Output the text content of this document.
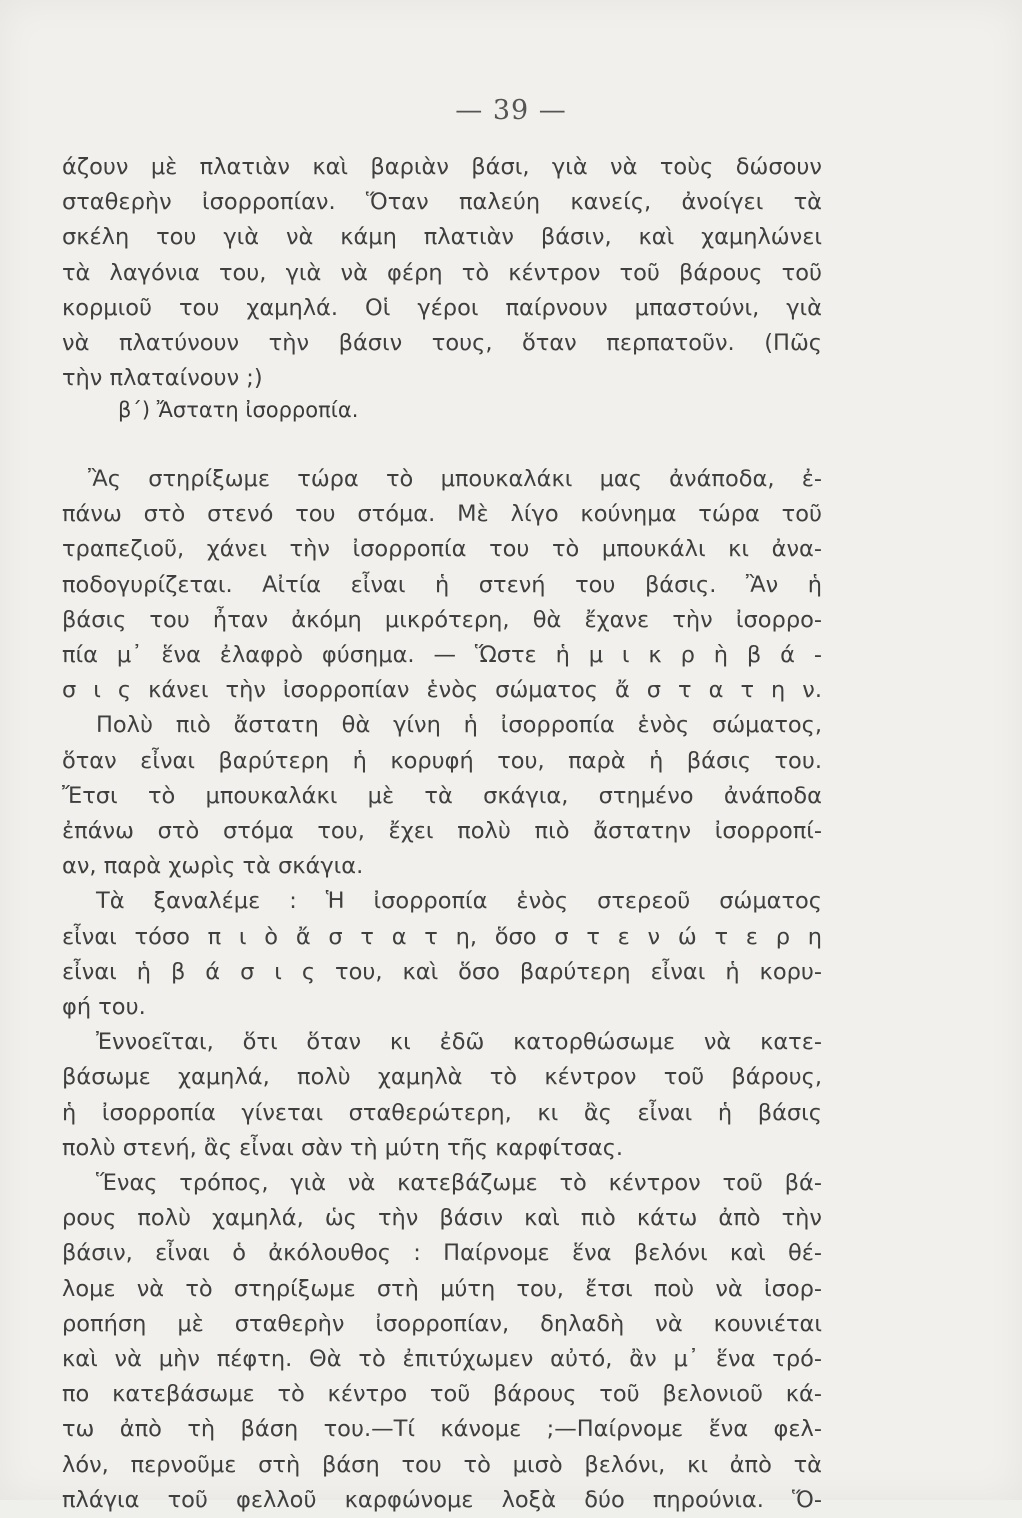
— 39 —
άζουν μὲ πλατιὰν καὶ βαριὰν βάσι, γιὰ νὰ τοὺς δώσουν
σταθερὴν ἰσορροπίαν. Ὅταν παλεύη κανείς, ἀνοίγει τὰ
σκέλη του γιὰ νὰ κάμη πλατιὰν βάσιν, καὶ χαμηλώνει
τὰ λαγόνια του, γιὰ νὰ φέρη τὸ κέντρον τοῦ βάρους τοῦ
κορμιοῦ του χαμηλά. Οἱ γέροι παίρνουν μπαστούνι, γιὰ
νὰ πλατύνουν τὴν βάσιν τους, ὅταν περπατοῦν. (Πῶς
τὴν πλαταίνουν ;)
β΄) Ἄστατη ἰσορροπία.
Ἂς στηρίξωμε τώρα τὸ μπουκαλάκι μας ἀνάποδα, ἐ-
πάνω στὸ στενό του στόμα. Μὲ λίγο κούνημα τώρα τοῦ
τραπεζιοῦ, χάνει τὴν ἰσορροπία του τὸ μπουκάλι κι ἀνα-
ποδογυρίζεται. Αἰτία εἶναι ἡ στενή του βάσις. Ἂν ἡ
βάσις του ἦταν ἀκόμη μικρότερη, θὰ ἔχανε τὴν ἰσορρο-
πία μ᾿ ἕνα ἐλαφρὸ φύσημα. — Ὥστε ἡ μ ι κ ρ ὴ β ά -
σ ι ς κάνει τὴν ἰσορροπίαν ἑνὸς σώματος ἄ σ τ α τ η ν.
Πολὺ πιὸ ἄστατη θὰ γίνη ἡ ἰσορροπία ἑνὸς σώματος,
ὅταν εἶναι βαρύτερη ἡ κορυφή του, παρὰ ἡ βάσις του.
Ἔτσι τὸ μπουκαλάκι μὲ τὰ σκάγια, στημένο ἀνάποδα
ἐπάνω στὸ στόμα του, ἔχει πολὺ πιὸ ἄστατην ἰσορροπί-
αν, παρὰ χωρὶς τὰ σκάγια.
Τὰ ξαναλέμε : Ἡ ἰσορροπία ἑνὸς στερεοῦ σώματος
εἶναι τόσο π ι ὸ ἄ σ τ α τ η, ὅσο σ τ ε ν ώ τ ε ρ η
εἶναι ἡ β ά σ ι ς του, καὶ ὅσο βαρύτερη εἶναι ἡ κορυ-
φή του.
Ἐννοεῖται, ὅτι ὅταν κι ἐδῶ κατορθώσωμε νὰ κατε-
βάσωμε χαμηλά, πολὺ χαμηλὰ τὸ κέντρον τοῦ βάρους,
ἡ ἰσορροπία γίνεται σταθερώτερη, κι ἂς εἶναι ἡ βάσις
πολὺ στενή, ἂς εἶναι σὰν τὴ μύτη τῆς καρφίτσας.
Ἕνας τρόπος, γιὰ νὰ κατεβάζωμε τὸ κέντρον τοῦ βά-
ρους πολὺ χαμηλά, ὡς τὴν βάσιν καὶ πιὸ κάτω ἀπὸ τὴν
βάσιν, εἶναι ὁ ἀκόλουθος : Παίρνομε ἕνα βελόνι καὶ θέ-
λομε νὰ τὸ στηρίξωμε στὴ μύτη του, ἔτσι ποὺ νὰ ἰσορ-
ροπήση μὲ σταθερὴν ἰσορροπίαν, δηλαδὴ νὰ κουνιέται
καὶ νὰ μὴν πέφτη. Θὰ τὸ ἐπιτύχωμεν αὐτό, ἂν μ᾿ ἕνα τρό-
πο κατεβάσωμε τὸ κέντρο τοῦ βάρους τοῦ βελονιοῦ κά-
τω ἀπὸ τὴ βάση του.—Τί κάνομε ;—Παίρνομε ἕνα φελ-
λόν, περνοῦμε στὴ βάση του τὸ μισὸ βελόνι, κι ἀπὸ τὰ
πλάγια τοῦ φελλοῦ καρφώνομε λοξὰ δύο πηρούνια. Ὅ-
